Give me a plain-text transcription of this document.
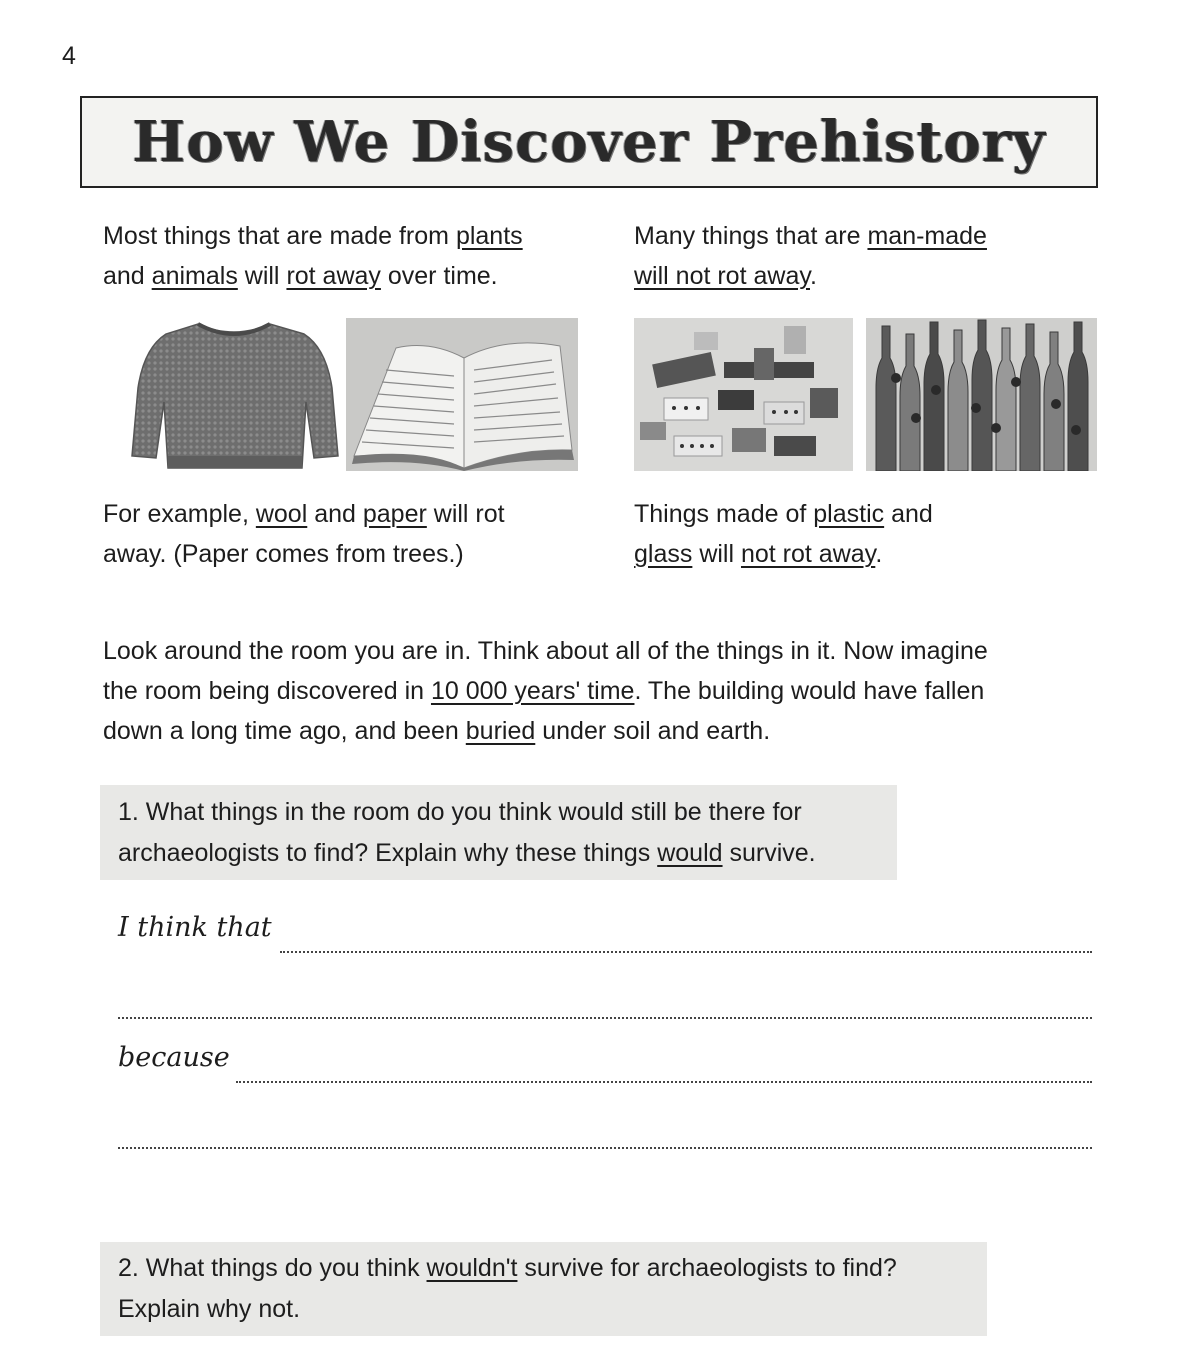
4
How We Discover Prehistory
Most things that are made from plants
and animals will rot away over time.
Many things that are man-made
will not rot away.
For example, wool and paper will rot
away. (Paper comes from trees.)
Things made of plastic and
glass will not rot away.
Look around the room you are in. Think about all of the things in it. Now imagine
the room being discovered in 10 000 years' time. The building would have fallen
down a long time ago, and been buried under soil and earth.
1. What things in the room do you think would still be there for
archaeologists to find? Explain why these things would survive.
I think that
because
2. What things do you think wouldn't survive for archaeologists to find?
Explain why not.
